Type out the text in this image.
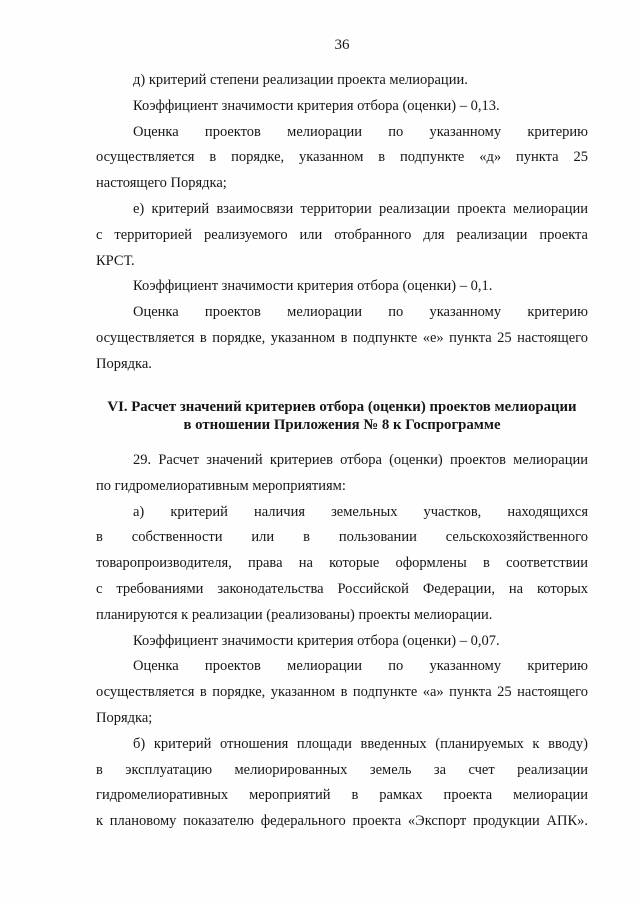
36
д) критерий степени реализации проекта мелиорации.
Коэффициент значимости критерия отбора (оценки) – 0,13.
Оценка проектов мелиорации по указанному критерию
осуществляется в порядке, указанном в подпункте «д» пункта 25
настоящего Порядка;
е) критерий взаимосвязи территории реализации проекта мелиорации
с территорией реализуемого или отобранного для реализации проекта
КРСТ.
Коэффициент значимости критерия отбора (оценки) – 0,1.
Оценка проектов мелиорации по указанному критерию
осуществляется в порядке, указанном в подпункте «е» пункта 25 настоящего
Порядка.
VI. Расчет значений критериев отбора (оценки) проектов мелиорации
в отношении Приложения № 8 к Госпрограмме
29. Расчет значений критериев отбора (оценки) проектов мелиорации
по гидромелиоративным мероприятиям:
а) критерий наличия земельных участков, находящихся
в собственности или в пользовании сельскохозяйственного
товаропроизводителя, права на которые оформлены в соответствии
с требованиями законодательства Российской Федерации, на которых
планируются к реализации (реализованы) проекты мелиорации.
Коэффициент значимости критерия отбора (оценки) – 0,07.
Оценка проектов мелиорации по указанному критерию
осуществляется в порядке, указанном в подпункте «а» пункта 25 настоящего
Порядка;
б) критерий отношения площади введенных (планируемых к вводу)
в эксплуатацию мелиорированных земель за счет реализации
гидромелиоративных мероприятий в рамках проекта мелиорации
к плановому показателю федерального проекта «Экспорт продукции АПК».
